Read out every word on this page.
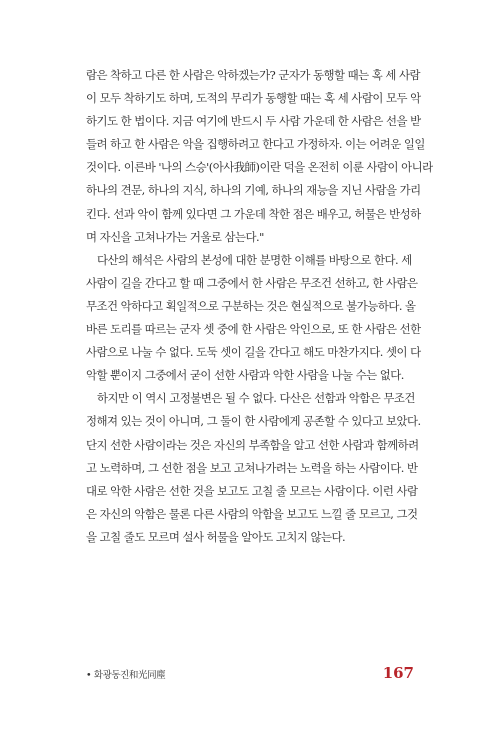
람은 착하고 다른 한 사람은 악하겠는가? 군자가 동행할 때는 혹 세 사람
이 모두 착하기도 하며, 도적의 무리가 동행할 때는 혹 세 사람이 모두 악
하기도 한 법이다. 지금 여기에 반드시 두 사람 가운데 한 사람은 선을 받
들려 하고 한 사람은 악을 집행하려고 한다고 가정하자. 이는 어려운 일일
것이다. 이른바 '나의 스승'(아사我師)이란 덕을 온전히 이룬 사람이 아니라
하나의 견문, 하나의 지식, 하나의 기예, 하나의 재능을 지닌 사람을 가리
킨다. 선과 악이 함께 있다면 그 가운데 착한 점은 배우고, 허물은 반성하
며 자신을 고쳐나가는 거울로 삼는다."

다산의 해석은 사람의 본성에 대한 분명한 이해를 바탕으로 한다. 세
사람이 길을 간다고 할 때 그중에서 한 사람은 무조건 선하고, 한 사람은
무조건 악하다고 획일적으로 구분하는 것은 현실적으로 불가능하다. 올
바른 도리를 따르는 군자 셋 중에 한 사람은 악인으로, 또 한 사람은 선한
사람으로 나눌 수 없다. 도둑 셋이 길을 간다고 해도 마찬가지다. 셋이 다
악할 뿐이지 그중에서 굳이 선한 사람과 악한 사람을 나눌 수는 없다.

하지만 이 역시 고정불변은 될 수 없다. 다산은 선함과 악함은 무조건
정해져 있는 것이 아니며, 그 둘이 한 사람에게 공존할 수 있다고 보았다.
단지 선한 사람이라는 것은 자신의 부족함을 알고 선한 사람과 함께하려
고 노력하며, 그 선한 점을 보고 고쳐나가려는 노력을 하는 사람이다. 반
대로 악한 사람은 선한 것을 보고도 고칠 줄 모르는 사람이다. 이런 사람
은 자신의 악함은 물론 다른 사람의 악함을 보고도 느낄 줄 모르고, 그것
을 고칠 줄도 모르며 설사 허물을 알아도 고치지 않는다.

• 화광동진和光同塵	167
